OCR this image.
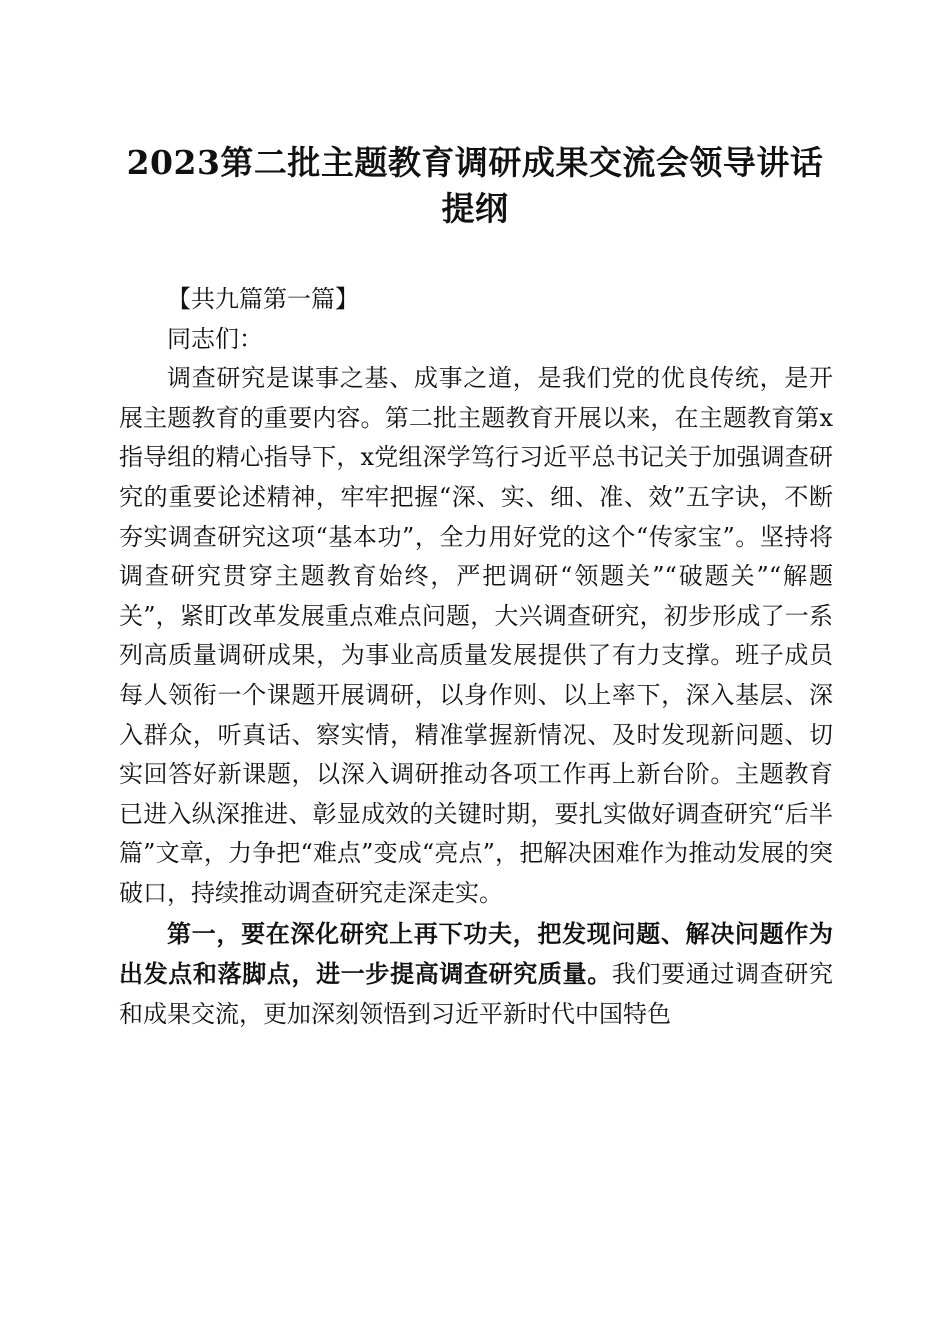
2023第二批主题教育调研成果交流会领导讲话提纲

【共九篇第一篇】

同志们：

调查研究是谋事之基、成事之道，是我们党的优良传统，是开展主题教育的重要内容。第二批主题教育开展以来，在主题教育第x指导组的精心指导下，x党组深学笃行习近平总书记关于加强调查研究的重要论述精神，牢牢把握“深、实、细、准、效”五字诀，不断夯实调查研究这项“基本功”，全力用好党的这个“传家宝”。坚持将调查研究贯穿主题教育始终，严把调研“领题关”“破题关”“解题关”，紧盯改革发展重点难点问题，大兴调查研究，初步形成了一系列高质量调研成果，为事业高质量发展提供了有力支撑。班子成员每人领衔一个课题开展调研，以身作则、以上率下，深入基层、深入群众，听真话、察实情，精准掌握新情况、及时发现新问题、切实回答好新课题，以深入调研推动各项工作再上新台阶。主题教育已进入纵深推进、彰显成效的关键时期，要扎实做好调查研究“后半篇”文章，力争把“难点”变成“亮点”，把解决困难作为推动发展的突破口，持续推动调查研究走深走实。

第一，要在深化研究上再下功夫，把发现问题、解决问题作为出发点和落脚点，进一步提高调查研究质量。我们要通过调查研究和成果交流，更加深刻领悟到习近平新时代中国特色
